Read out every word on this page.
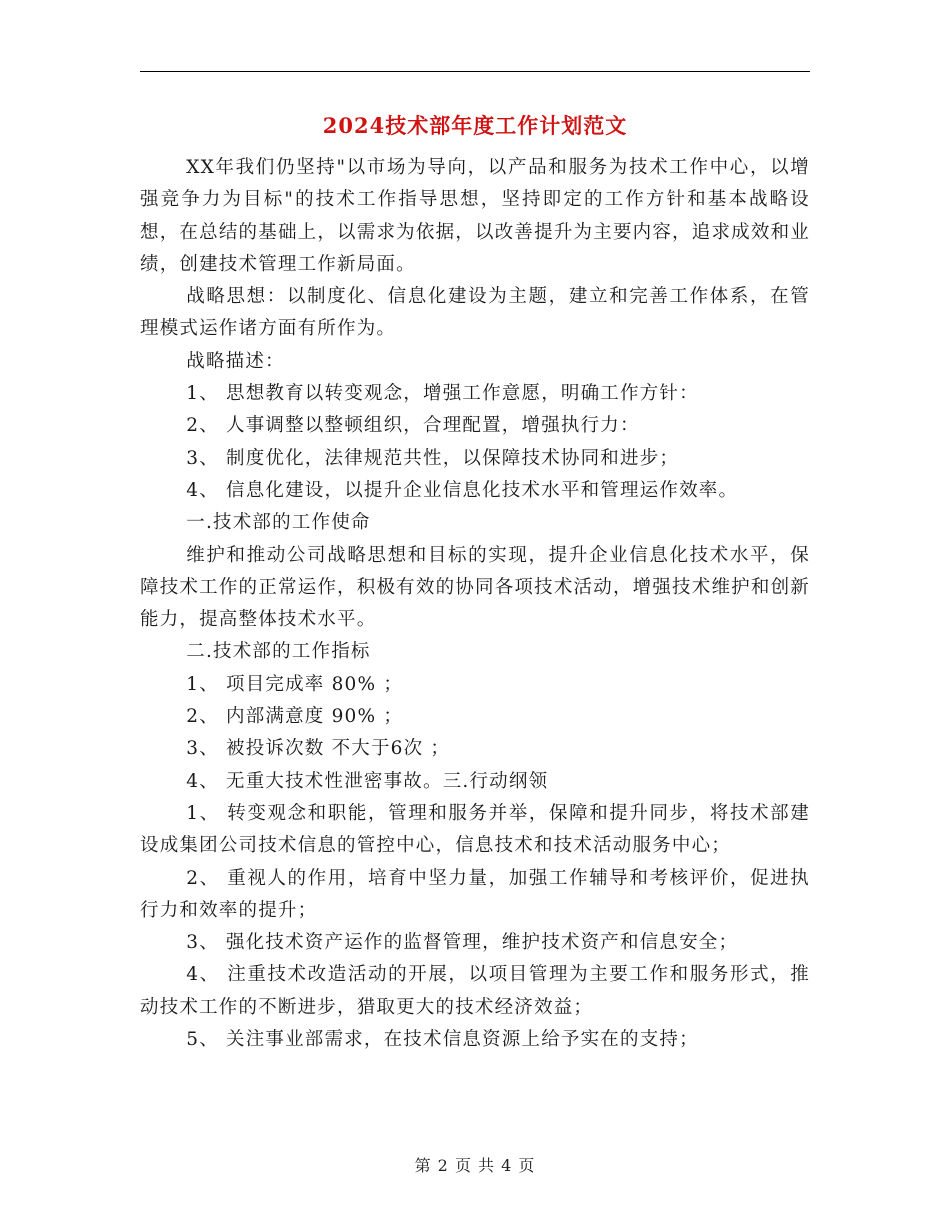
2024技术部年度工作计划范文

XX年我们仍坚持"以市场为导向，以产品和服务为技术工作中心，以增强竞争力为目标"的技术工作指导思想，坚持即定的工作方针和基本战略设想，在总结的基础上，以需求为依据，以改善提升为主要内容，追求成效和业绩，创建技术管理工作新局面。

战略思想：以制度化、信息化建设为主题，建立和完善工作体系，在管理模式运作诸方面有所作为。

战略描述：

1、 思想教育以转变观念，增强工作意愿，明确工作方针：

2、 人事调整以整顿组织，合理配置，增强执行力：

3、 制度优化，法律规范共性，以保障技术协同和进步；

4、 信息化建设，以提升企业信息化技术水平和管理运作效率。

一.技术部的工作使命

维护和推动公司战略思想和目标的实现，提升企业信息化技术水平，保障技术工作的正常运作，积极有效的协同各项技术活动，增强技术维护和创新能力，提高整体技术水平。

二.技术部的工作指标

1、 项目完成率 80% ；

2、 内部满意度 90% ；

3、 被投诉次数 不大于6次 ；

4、 无重大技术性泄密事故。三.行动纲领

1、 转变观念和职能，管理和服务并举，保障和提升同步，将技术部建设成集团公司技术信息的管控中心，信息技术和技术活动服务中心；

2、 重视人的作用，培育中坚力量，加强工作辅导和考核评价，促进执行力和效率的提升；

3、 强化技术资产运作的监督管理，维护技术资产和信息安全；

4、 注重技术改造活动的开展，以项目管理为主要工作和服务形式，推动技术工作的不断进步，猎取更大的技术经济效益；

5、 关注事业部需求，在技术信息资源上给予实在的支持；

第 2 页 共 4 页
